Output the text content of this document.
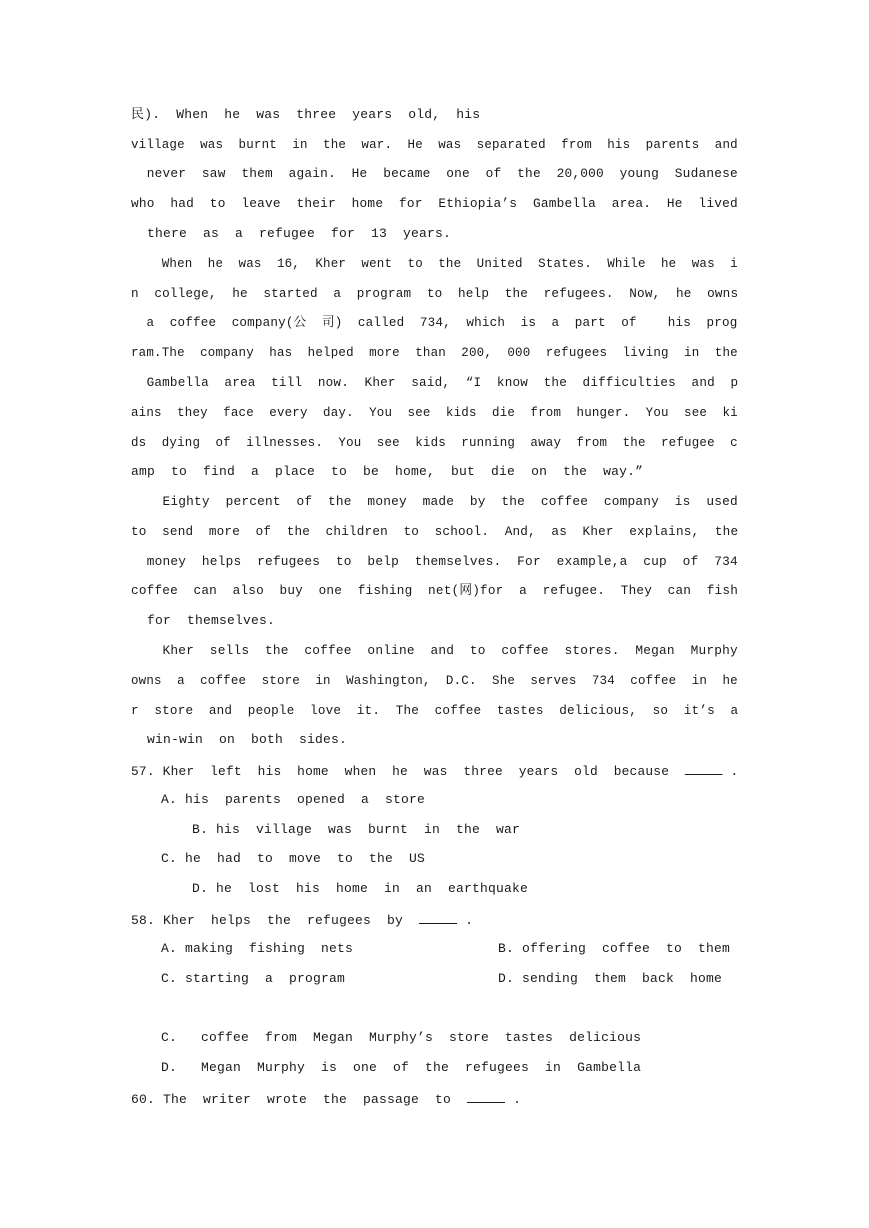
民).  When  he  was  three  years  old,  his
village  was  burnt  in  the  war.  He  was  separated  from  his  parents  and
never  saw  them  again.  He  became  one  of  the  20,000  young  Sudanese
who  had  to  leave  their  home  for  Ethiopia’s  Gambella  area.  He  lived
there  as  a  refugee  for  13  years.
When  he  was  16,  Kher  went  to  the  United  States.  While  he  was  i
n  college,  he  started  a  program  to  help  the  refugees.  Now,  he  owns
a  coffee  company(公  司)  called  734,  which  is  a  part  of    his  prog
ram.The  company  has  helped  more  than  200,  000  refugees  living  in  the
Gambella  area  till  now.  Kher  said,  “I  know  the  difficulties  and  p
ains  they  face  every  day.  You  see  kids  die  from  hunger.  You  see  ki
ds  dying  of  illnesses.  You  see  kids  running  away  from  the  refugee  c
amp  to  find  a  place  to  be  home,  but  die  on  the  way.”
Eighty  percent  of  the  money  made  by  the  coffee  company  is  used
to  send  more  of  the  children  to  school.  And,  as  Kher  explains,  the
money  helps  refugees  to  belp  themselves.  For  example,a  cup  of  734
coffee  can  also  buy  one  fishing  net(网)for  a  refugee.  They  can  fish
for  themselves.
Kher  sells  the  coffee  online  and  to  coffee  stores.  Megan  Murphy
owns  a  coffee  store  in  Washington,  D.C.  She  serves  734  coffee  in  he
r  store  and  people  love  it.  The  coffee  tastes  delicious,  so  it’s  a
win-win  on  both  sides.
57. Kher  left  his  home  when  he  was  three  years  old  because	.
A. his  parents  opened  a  store
B. his  village  was  burnt  in  the  war
C. he  had  to  move  to  the  US
D. he  lost  his  home  in  an  earthquake
58. Kher  helps  the  refugees  by	.
A. making  fishing  nets	B. offering  coffee  to  them
C. starting  a  program	D. sending  them  back  home
C.   coffee  from  Megan  Murphy’s  store  tastes  delicious
D.   Megan  Murphy  is  one  of  the  refugees  in  Gambella
60. The  writer  wrote  the  passage  to	.
